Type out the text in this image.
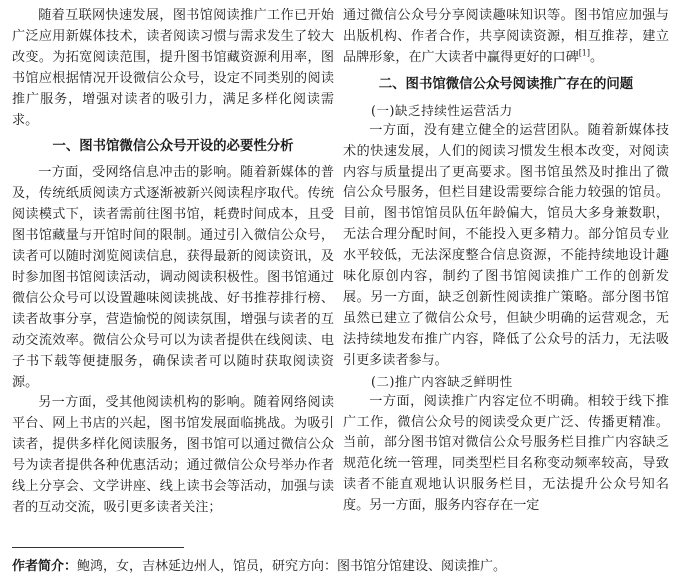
随着互联网快速发展，图书馆阅读推广工作已开始广泛应用新媒体技术，读者阅读习惯与需求发生了较大改变。为拓宽阅读范围，提升图书馆藏资源利用率，图书馆应根据情况开设微信公众号，设定不同类别的阅读推广服务，增强对读者的吸引力，满足多样化阅读需求。

一、图书馆微信公众号开设的必要性分析

一方面，受网络信息冲击的影响。随着新媒体的普及，传统纸质阅读方式逐渐被新兴阅读程序取代。传统阅读模式下，读者需前往图书馆，耗费时间成本，且受图书馆藏量与开馆时间的限制。通过引入微信公众号，读者可以随时浏览阅读信息，获得最新的阅读资讯，及时参加图书馆阅读活动，调动阅读积极性。图书馆通过微信公众号可以设置趣味阅读挑战、好书推荐排行榜、读者故事分享，营造愉悦的阅读氛围，增强与读者的互动交流效率。微信公众号可以为读者提供在线阅读、电子书下载等便捷服务，确保读者可以随时获取阅读资源。

另一方面，受其他阅读机构的影响。随着网络阅读平台、网上书店的兴起，图书馆发展面临挑战。为吸引读者，提供多样化阅读服务，图书馆可以通过微信公众号为读者提供各种优惠活动；通过微信公众号举办作者线上分享会、文学讲座、线上读书会等活动，加强与读者的互动交流，吸引更多读者关注；

通过微信公众号分享阅读趣味知识等。图书馆应加强与出版机构、作者合作，共享阅读资源，相互推荐，建立品牌形象，在广大读者中赢得更好的口碑[1]。

二、图书馆微信公众号阅读推广存在的问题

(一)缺乏持续性运营活力

一方面，没有建立健全的运营团队。随着新媒体技术的快速发展，人们的阅读习惯发生根本改变，对阅读内容与质量提出了更高要求。图书馆虽然及时推出了微信公众号服务，但栏目建设需要综合能力较强的馆员。目前，图书馆馆员队伍年龄偏大，馆员大多身兼数职，无法合理分配时间，不能投入更多精力。部分馆员专业水平较低，无法深度整合信息资源，不能持续地设计趣味化原创内容，制约了图书馆阅读推广工作的创新发展。另一方面，缺乏创新性阅读推广策略。部分图书馆虽然已建立了微信公众号，但缺少明确的运营观念，无法持续地发布推广内容，降低了公众号的活力，无法吸引更多读者参与。

(二)推广内容缺乏鲜明性

一方面，阅读推广内容定位不明确。相较于线下推广工作，微信公众号的阅读受众更广泛、传播更精准。当前，部分图书馆对微信公众号服务栏目推广内容缺乏规范化统一管理，同类型栏目名称变动频率较高，导致读者不能直观地认识服务栏目，无法提升公众号知名度。另一方面，服务内容存在一定

作者简介：鲍鸿，女，吉林延边州人，馆员，研究方向：图书馆分馆建设、阅读推广。
